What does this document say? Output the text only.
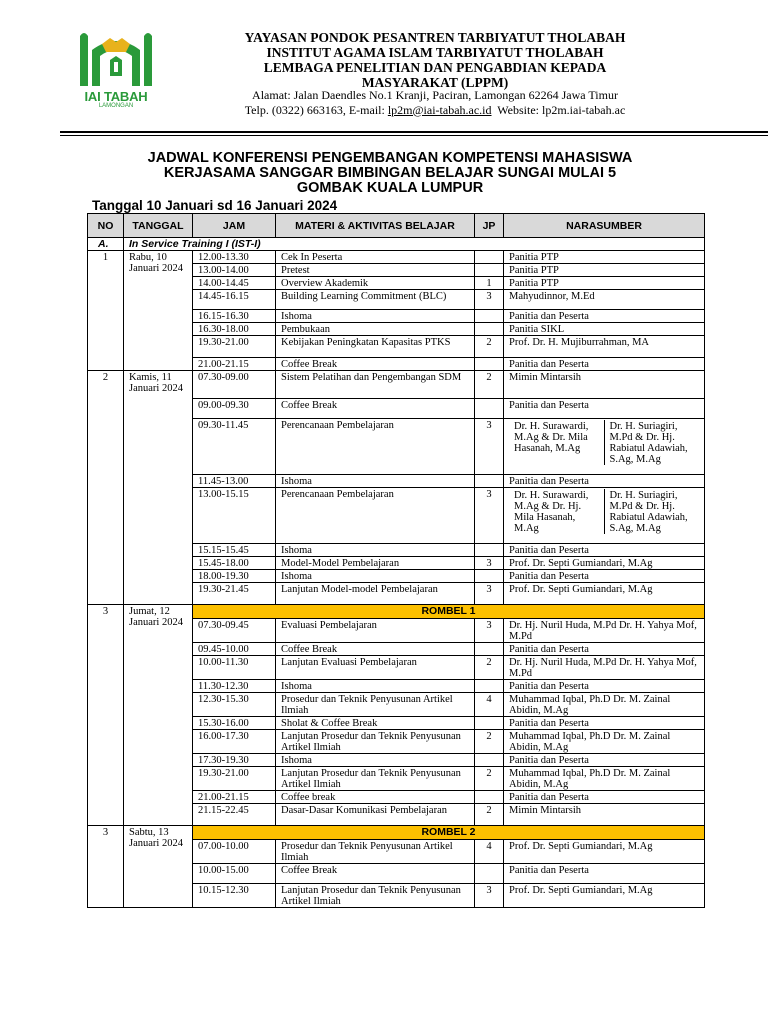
IAI TABAH
LAMONGAN
YAYASAN PONDOK PESANTREN TARBIYATUT THOLABAH
INSTITUT AGAMA ISLAM TARBIYATUT THOLABAH
LEMBAGA PENELITIAN DAN PENGABDIAN KEPADA
MASYARAKAT (LPPM)
Alamat: Jalan Daendles No.1 Kranji, Paciran, Lamongan 62264 Jawa Timur
Telp. (0322) 663163, E-mail: lp2m@iai-tabah.ac.id  Website: lp2m.iai-tabah.ac
JADWAL KONFERENSI PENGEMBANGAN KOMPETENSI MAHASISWA
KERJASAMA SANGGAR BIMBINGAN BELAJAR SUNGAI MULAI 5
GOMBAK KUALA LUMPUR
Tanggal 10 Januari sd 16 Januari 2024
NO	TANGGAL	JAM	MATERI & AKTIVITAS BELAJAR	JP	NARASUMBER
A.	In Service Training I (IST-I)				
1	Rabu, 10 Januari 2024	12.00-13.30	Cek In Peserta		Panitia PTP
		13.00-14.00	Pretest		Panitia PTP
		14.00-14.45	Overview Akademik	1	Panitia PTP
		14.45-16.15	Building Learning Commitment (BLC)	3	Mahyudinnor, M.Ed
		16.15-16.30	Ishoma		Panitia dan Peserta
		16.30-18.00	Pembukaan		Panitia SIKL
		19.30-21.00	Kebijakan Peningkatan Kapasitas PTKS	2	Prof. Dr. H. Mujiburrahman, MA
		21.00-21.15	Coffee Break		Panitia dan Peserta
2	Kamis, 11 Januari 2024	07.30-09.00	Sistem Pelatihan dan Pengembangan SDM	2	Mimin Mintarsih
		09.00-09.30	Coffee Break		Panitia dan Peserta
		09.30-11.45	Perencanaan Pembelajaran	3	Dr. H. Surawardi, M.Ag & Dr. Mila Hasanah, M.Ag
Dr. H. Suriagiri, M.Pd & Dr. Hj. Rabiatul Adawiah, S.Ag, M.Ag

		11.45-13.00	Ishoma		Panitia dan Peserta
		13.00-15.15	Perencanaan Pembelajaran	3	Dr. H. Surawardi, M.Ag & Dr. Hj. Mila Hasanah, M.Ag
Dr. H. Suriagiri, M.Pd & Dr. Hj. Rabiatul Adawiah, S.Ag, M.Ag

		15.15-15.45	Ishoma		Panitia dan Peserta
		15.45-18.00	Model-Model Pembelajaran	3	Prof. Dr. Septi Gumiandari, M.Ag
		18.00-19.30	Ishoma		Panitia dan Peserta
		19.30-21.45	Lanjutan Model-model Pembelajaran	3	Prof. Dr. Septi Gumiandari, M.Ag
3	Jumat, 12 Januari 2024	ROMBEL 1			
		07.30-09.45	Evaluasi Pembelajaran	3	Dr. Hj. Nuril Huda, M.Pd Dr. H. Yahya Mof, M.Pd
		09.45-10.00	Coffee Break		Panitia dan Peserta
		10.00-11.30	Lanjutan Evaluasi Pembelajaran	2	Dr. Hj. Nuril Huda, M.Pd Dr. H. Yahya Mof, M.Pd
		11.30-12.30	Ishoma		Panitia dan Peserta
		12.30-15.30	Prosedur dan Teknik Penyusunan Artikel Ilmiah	4	Muhammad Iqbal, Ph.D Dr. M. Zainal Abidin, M.Ag
		15.30-16.00	Sholat & Coffee Break		Panitia dan Peserta
		16.00-17.30	Lanjutan Prosedur dan Teknik Penyusunan Artikel Ilmiah	2	Muhammad Iqbal, Ph.D Dr. M. Zainal Abidin, M.Ag
		17.30-19.30	Ishoma		Panitia dan Peserta
		19.30-21.00	Lanjutan Prosedur dan Teknik Penyusunan Artikel Ilmiah	2	Muhammad Iqbal, Ph.D Dr. M. Zainal Abidin, M.Ag
		21.00-21.15	Coffee break		Panitia dan Peserta
		21.15-22.45	Dasar-Dasar Komunikasi Pembelajaran	2	Mimin Mintarsih
3	Sabtu, 13 Januari 2024	ROMBEL 2			
		07.00-10.00	Prosedur dan Teknik Penyusunan Artikel Ilmiah	4	Prof. Dr. Septi Gumiandari, M.Ag
		10.00-15.00	Coffee Break		Panitia dan Peserta
		10.15-12.30	Lanjutan Prosedur dan Teknik Penyusunan Artikel Ilmiah	3	Prof. Dr. Septi Gumiandari, M.Ag
